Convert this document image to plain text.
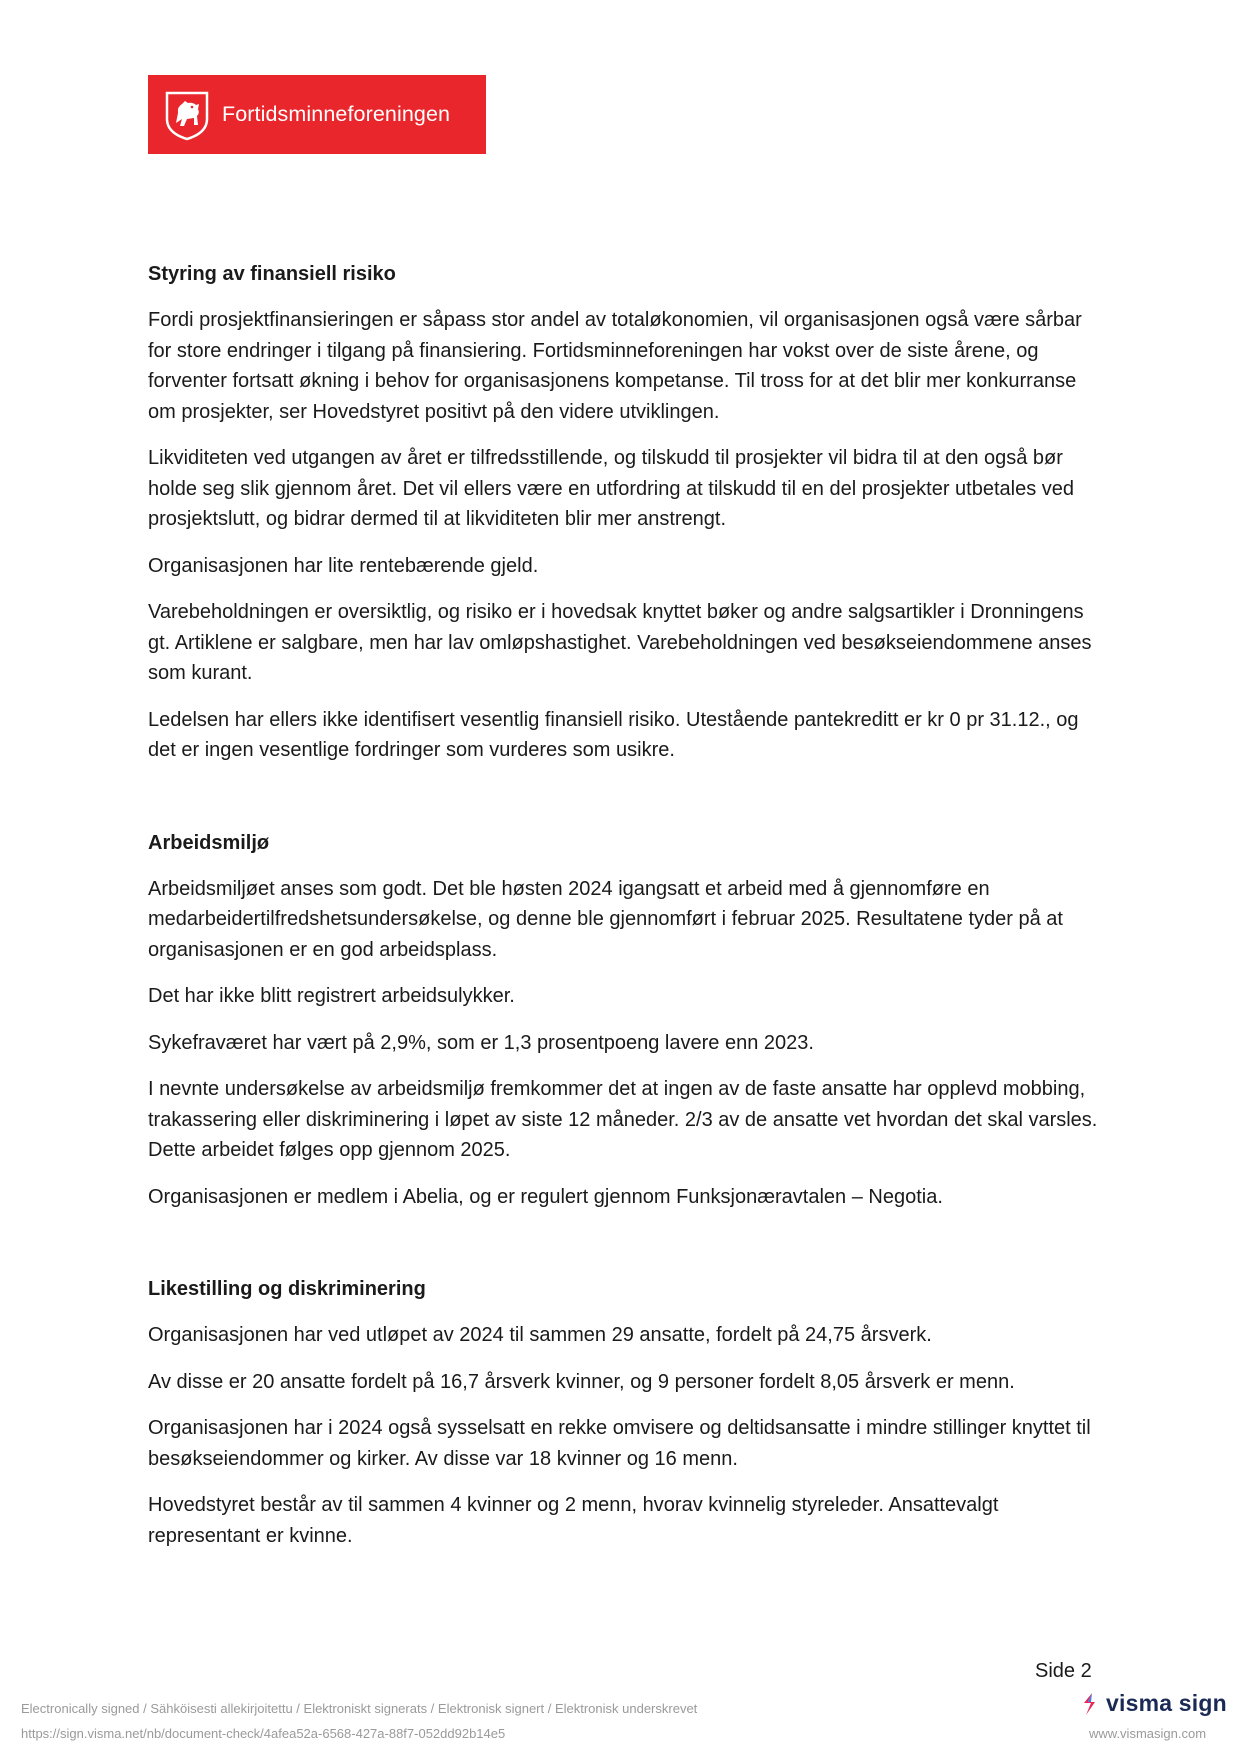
Fortidsminneforeningen
Styring av finansiell risiko

Fordi prosjektfinansieringen er såpass stor andel av totaløkonomien, vil organisasjonen også være sårbar for store endringer i tilgang på finansiering. Fortidsminneforeningen har vokst over de siste årene, og forventer fortsatt økning i behov for organisasjonens kompetanse. Til tross for at det blir mer konkurranse om prosjekter, ser Hovedstyret positivt på den videre utviklingen.

Likviditeten ved utgangen av året er tilfredsstillende, og tilskudd til prosjekter vil bidra til at den også bør holde seg slik gjennom året. Det vil ellers være en utfordring at tilskudd til en del prosjekter utbetales ved prosjektslutt, og bidrar dermed til at likviditeten blir mer anstrengt.

Organisasjonen har lite rentebærende gjeld.

Varebeholdningen er oversiktlig, og risiko er i hovedsak knyttet bøker og andre salgsartikler i Dronningens gt. Artiklene er salgbare, men har lav omløpshastighet. Varebeholdningen ved besøkseiendommene anses som kurant.

Ledelsen har ellers ikke identifisert vesentlig finansiell risiko. Utestående pantekreditt er kr 0 pr 31.12., og det er ingen vesentlige fordringer som vurderes som usikre.

Arbeidsmiljø

Arbeidsmiljøet anses som godt. Det ble høsten 2024 igangsatt et arbeid med å gjennomføre en medarbeidertilfredshetsundersøkelse, og denne ble gjennomført i februar 2025. Resultatene tyder på at organisasjonen er en god arbeidsplass.

Det har ikke blitt registrert arbeidsulykker.

Sykefraværet har vært på 2,9%, som er 1,3 prosentpoeng lavere enn 2023.

I nevnte undersøkelse av arbeidsmiljø fremkommer det at ingen av de faste ansatte har opplevd mobbing, trakassering eller diskriminering i løpet av siste 12 måneder. 2/3 av de ansatte vet hvordan det skal varsles. Dette arbeidet følges opp gjennom 2025.

Organisasjonen er medlem i Abelia, og er regulert gjennom Funksjonæravtalen – Negotia.

Likestilling og diskriminering

Organisasjonen har ved utløpet av 2024 til sammen 29 ansatte, fordelt på 24,75 årsverk.

Av disse er 20 ansatte fordelt på 16,7 årsverk kvinner, og 9 personer fordelt 8,05 årsverk er menn.

Organisasjonen har i 2024 også sysselsatt en rekke omvisere og deltidsansatte i mindre stillinger knyttet til besøkseiendommer og kirker. Av disse var 18 kvinner og 16 menn.

Hovedstyret består av til sammen 4 kvinner og 2 menn, hvorav kvinnelig styreleder. Ansattevalgt representant er kvinne.

Side 2
Electronically signed / Sähköisesti allekirjoitettu / Elektroniskt signerats / Elektronisk signert / Elektronisk underskrevet
https://sign.visma.net/nb/document-check/4afea52a-6568-427a-88f7-052dd92b14e5
visma sign
www.vismasign.com
